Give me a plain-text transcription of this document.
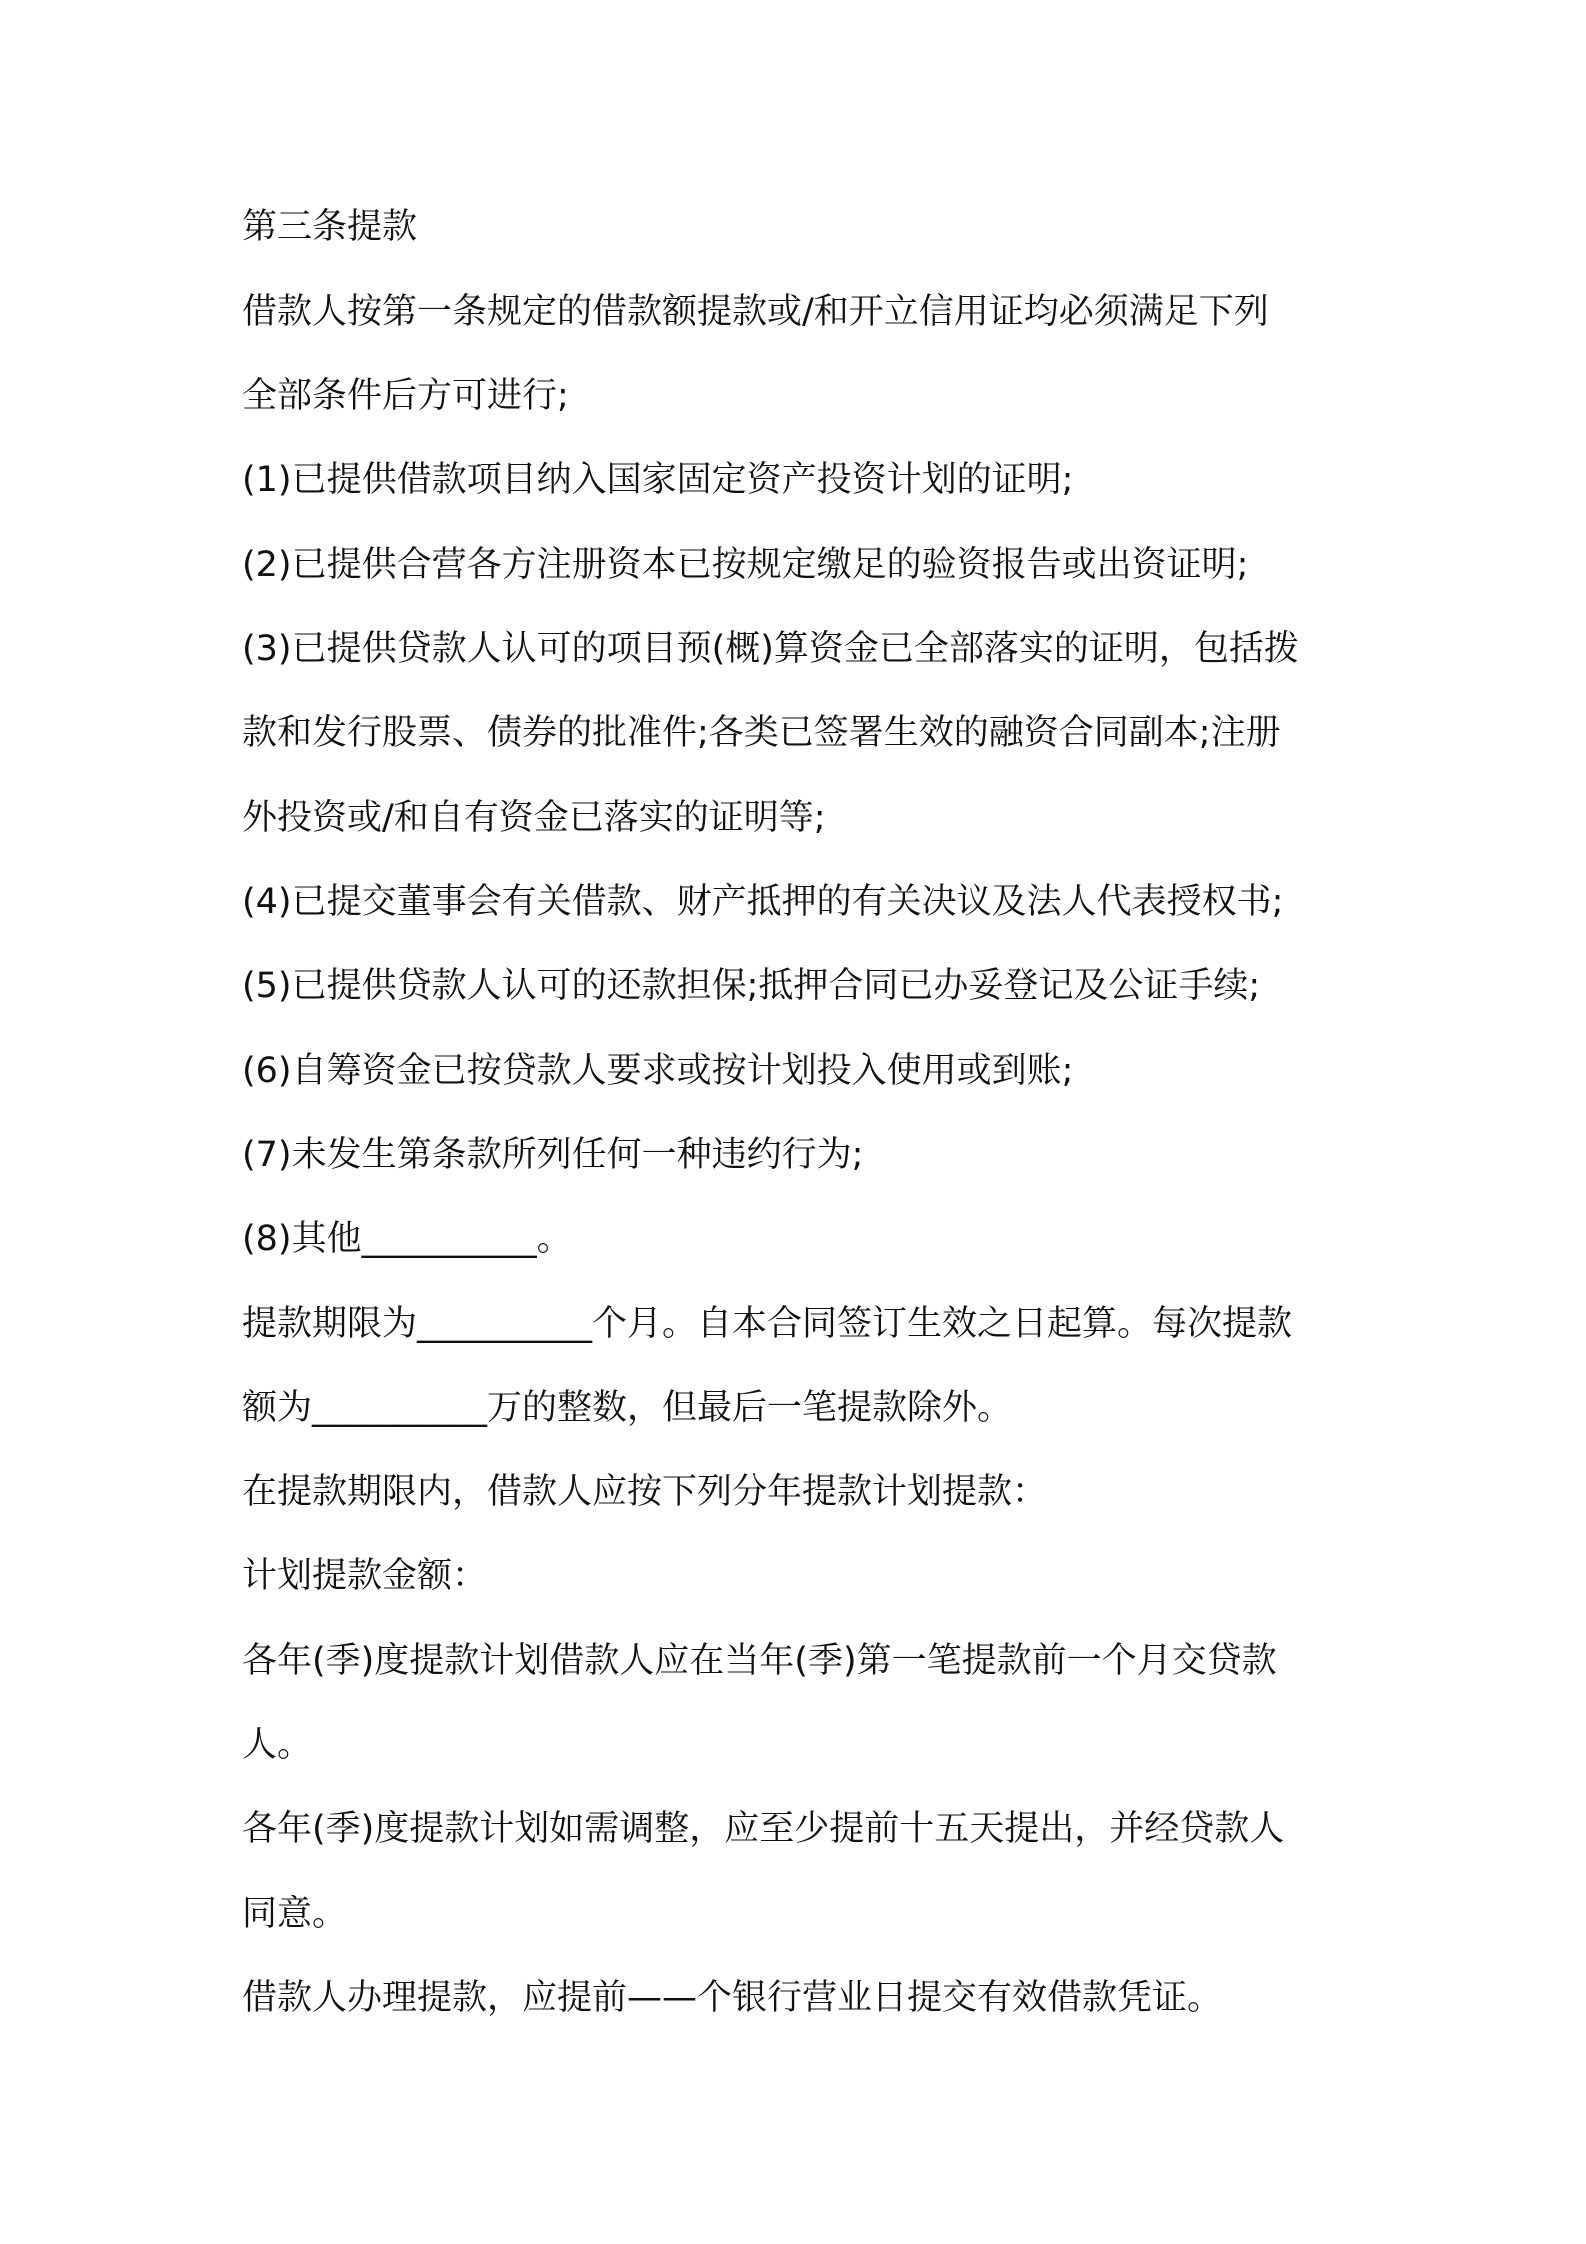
第三条提款
借款人按第一条规定的借款额提款或/和开立信用证均必须满足下列
全部条件后方可进行;
(1)已提供借款项目纳入国家固定资产投资计划的证明;
(2)已提供合营各方注册资本已按规定缴足的验资报告或出资证明;
(3)已提供贷款人认可的项目预(概)算资金已全部落实的证明，包括拨
款和发行股票、债券的批准件;各类已签署生效的融资合同副本;注册
外投资或/和自有资金已落实的证明等;
(4)已提交董事会有关借款、财产抵押的有关决议及法人代表授权书;
(5)已提供贷款人认可的还款担保;抵押合同已办妥登记及公证手续;
(6)自筹资金已按贷款人要求或按计划投入使用或到账;
(7)未发生第条款所列任何一种违约行为;
(8)其他__________。
提款期限为__________个月。自本合同签订生效之日起算。每次提款
额为__________万的整数，但最后一笔提款除外。
在提款期限内，借款人应按下列分年提款计划提款：
计划提款金额：
各年(季)度提款计划借款人应在当年(季)第一笔提款前一个月交贷款
人。
各年(季)度提款计划如需调整，应至少提前十五天提出，并经贷款人
同意。
借款人办理提款，应提前——个银行营业日提交有效借款凭证。
